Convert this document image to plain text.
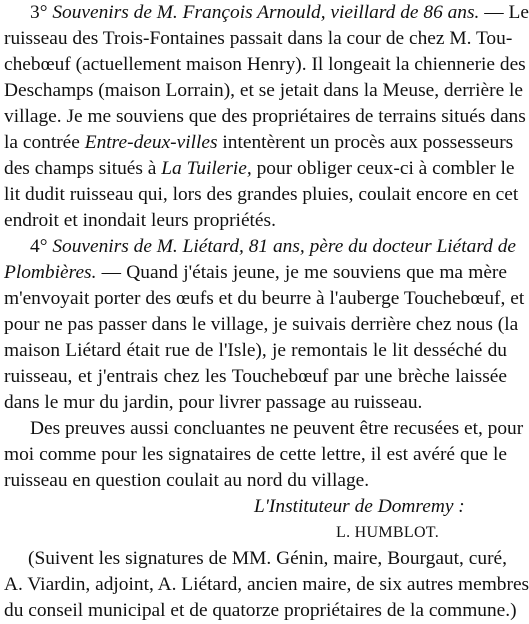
3° Souvenirs de M. François Arnould, vieillard de 86 ans. — Le
ruisseau des Trois-Fontaines passait dans la cour de chez M. Tou-
chebœuf (actuellement maison Henry). Il longeait la chiennerie des
Deschamps (maison Lorrain), et se jetait dans la Meuse, derrière le
village. Je me souviens que des propriétaires de terrains situés dans
la contrée Entre-deux-villes intentèrent un procès aux possesseurs
des champs situés à La Tuilerie, pour obliger ceux-ci à combler le
lit dudit ruisseau qui, lors des grandes pluies, coulait encore en cet
endroit et inondait leurs propriétés.
4° Souvenirs de M. Liétard, 81 ans, père du docteur Liétard de
Plombières. — Quand j'étais jeune, je me souviens que ma mère
m'envoyait porter des œufs et du beurre à l'auberge Touchebœuf, et
pour ne pas passer dans le village, je suivais derrière chez nous (la
maison Liétard était rue de l'Isle), je remontais le lit desséché du
ruisseau, et j'entrais chez les Touchebœuf par une brèche laissée
dans le mur du jardin, pour livrer passage au ruisseau.
Des preuves aussi concluantes ne peuvent être recusées et, pour
moi comme pour les signataires de cette lettre, il est avéré que le
ruisseau en question coulait au nord du village.
L'Instituteur de Domremy :
L. HUMBLOT.
(Suivent les signatures de MM. Génin, maire, Bourgaut, curé,
A. Viardin, adjoint, A. Liétard, ancien maire, de six autres membres
du conseil municipal et de quatorze propriétaires de la commune.)
